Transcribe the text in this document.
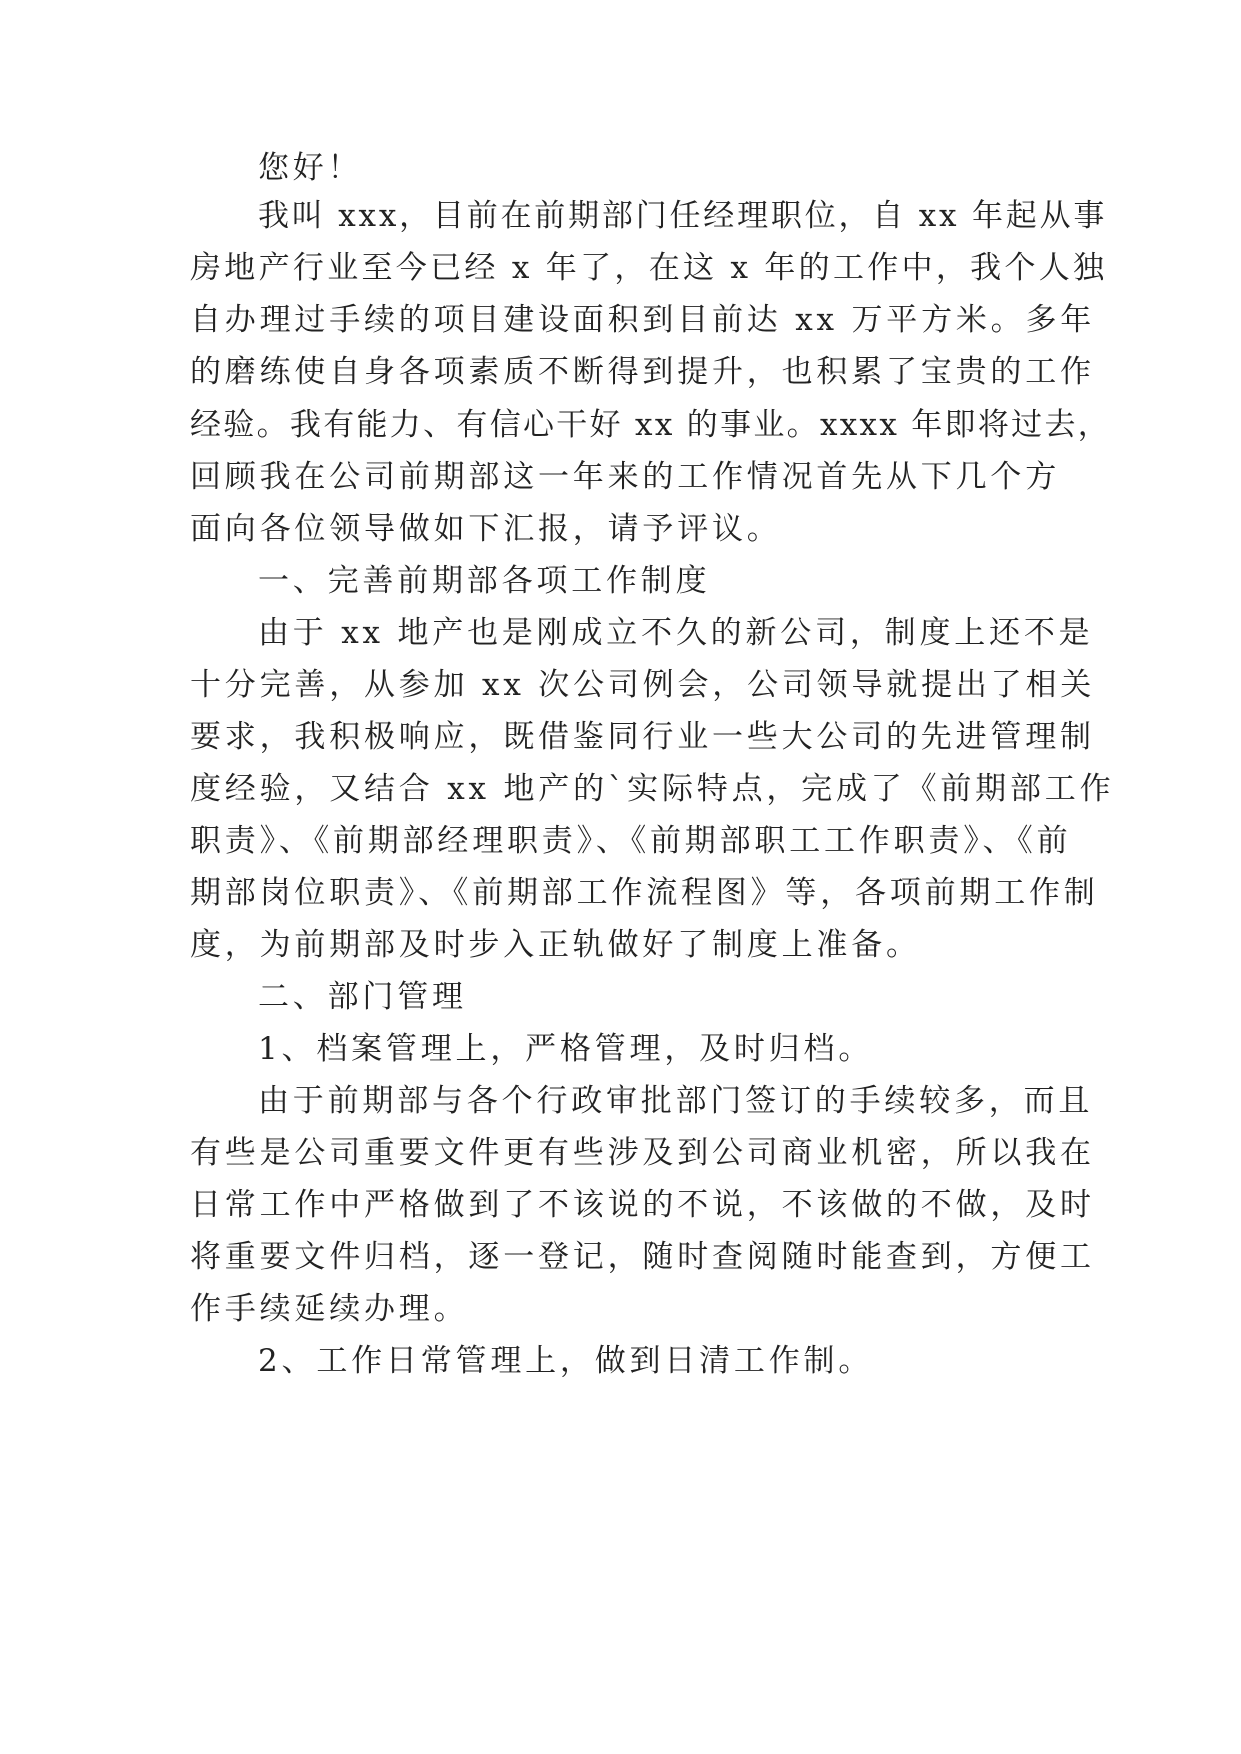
您好！
我叫 xxx，目前在前期部门任经理职位，自 xx 年起从事
房地产行业至今已经 x 年了，在这 x 年的工作中，我个人独
自办理过手续的项目建设面积到目前达 xx 万平方米。多年
的磨练使自身各项素质不断得到提升，也积累了宝贵的工作
经验。我有能力、有信心干好 xx 的事业。xxxx 年即将过去，
回顾我在公司前期部这一年来的工作情况首先从下几个方
面向各位领导做如下汇报，请予评议。
一、完善前期部各项工作制度
由于 xx 地产也是刚成立不久的新公司，制度上还不是
十分完善，从参加 xx 次公司例会，公司领导就提出了相关
要求，我积极响应，既借鉴同行业一些大公司的先进管理制
度经验，又结合 xx 地产的`实际特点，完成了《前期部工作
职责》、《前期部经理职责》、《前期部职工工作职责》、《前
期部岗位职责》、《前期部工作流程图》等，各项前期工作制
度，为前期部及时步入正轨做好了制度上准备。
二、部门管理
1、档案管理上，严格管理，及时归档。
由于前期部与各个行政审批部门签订的手续较多，而且
有些是公司重要文件更有些涉及到公司商业机密，所以我在
日常工作中严格做到了不该说的不说，不该做的不做，及时
将重要文件归档，逐一登记，随时查阅随时能查到，方便工
作手续延续办理。
2、工作日常管理上，做到日清工作制。
